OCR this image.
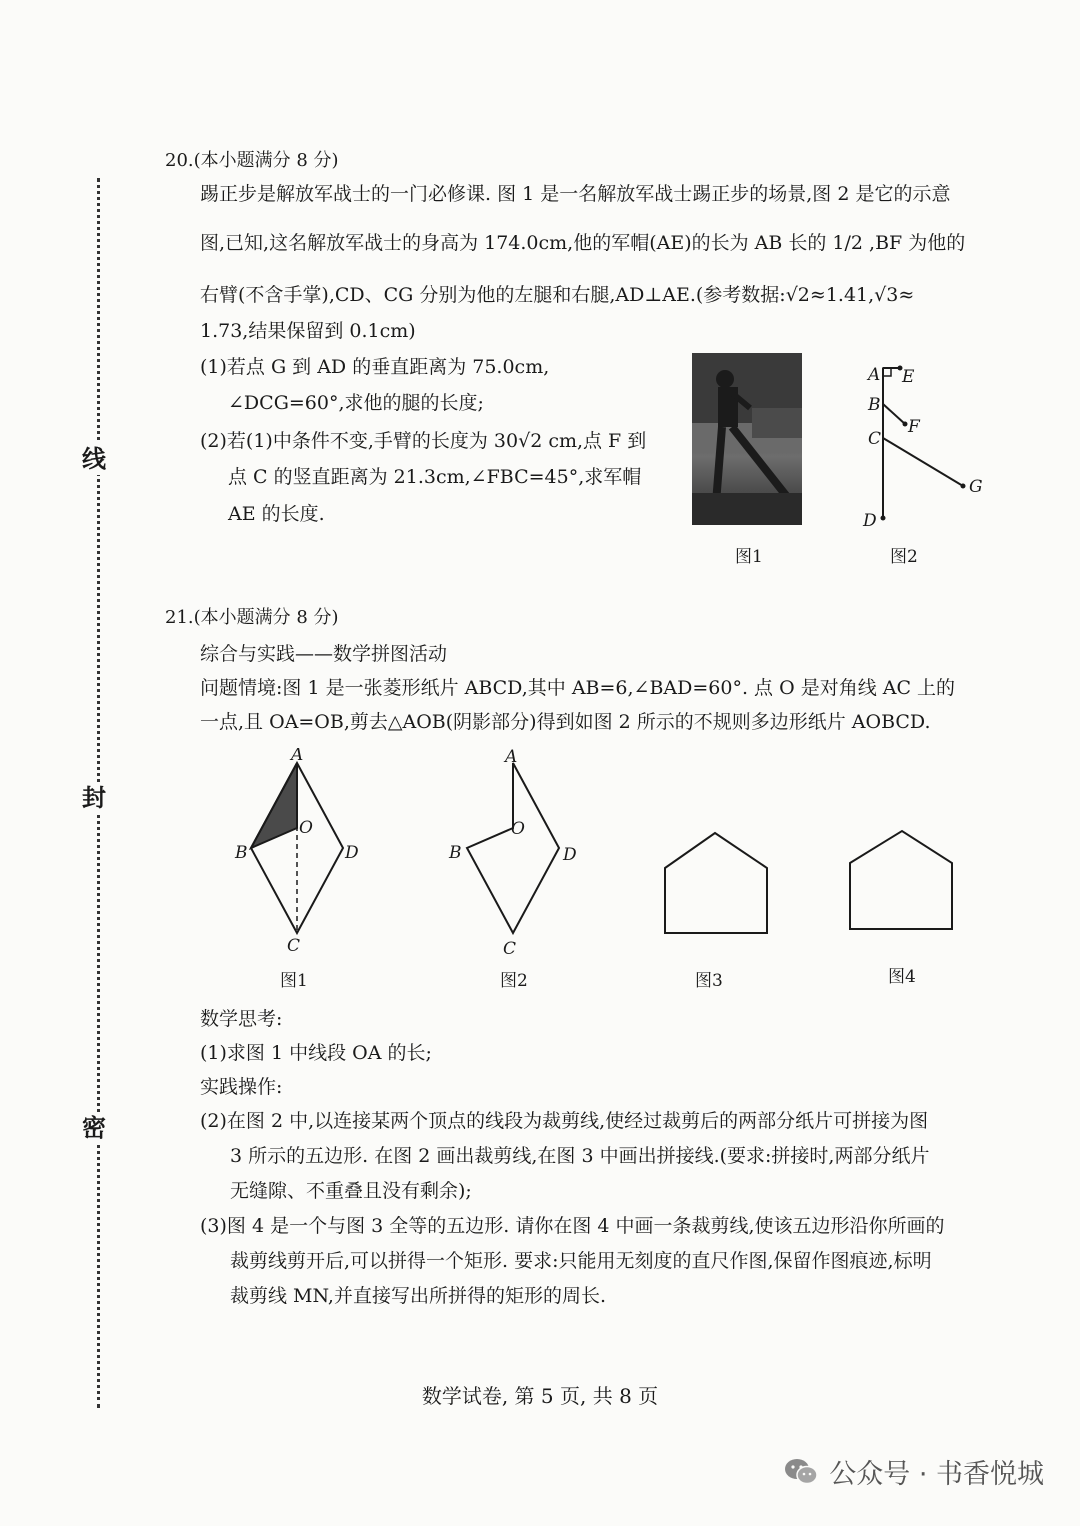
线
封
密
20.(本小题满分 8 分)
踢正步是解放军战士的一门必修课. 图 1 是一名解放军战士踢正步的场景,图 2 是它的示意
图,已知,这名解放军战士的身高为 174.0cm,他的军帽(AE)的长为 AB 长的 1/2 ,BF 为他的
右臂(不含手掌),CD、CG 分别为他的左腿和右腿,AD⊥AE.(参考数据:√2≈1.41,√3≈
1.73,结果保留到 0.1cm)
(1)若点 G 到 AD 的垂直距离为 75.0cm,
∠DCG=60°,求他的腿的长度;
(2)若(1)中条件不变,手臂的长度为 30√2 cm,点 F 到
点 C 的竖直距离为 21.3cm,∠FBC=45°,求军帽
AE 的长度.
图1
A E
B
F
C
G
D
图2
21.(本小题满分 8 分)
综合与实践——数学拼图活动
问题情境:图 1 是一张菱形纸片 ABCD,其中 AB=6,∠BAD=60°. 点 O 是对角线 AC 上的
一点,且 OA=OB,剪去△AOB(阴影部分)得到如图 2 所示的不规则多边形纸片 AOBCD.
A
O
B	D
C
图1
A
O
B	D
C
图2	图3	图4
数学思考:
(1)求图 1 中线段 OA 的长;
实践操作:
(2)在图 2 中,以连接某两个顶点的线段为裁剪线,使经过裁剪后的两部分纸片可拼接为图
3 所示的五边形. 在图 2 画出裁剪线,在图 3 中画出拼接线.(要求:拼接时,两部分纸片
无缝隙、不重叠且没有剩余);
(3)图 4 是一个与图 3 全等的五边形. 请你在图 4 中画一条裁剪线,使该五边形沿你所画的
裁剪线剪开后,可以拼得一个矩形. 要求:只能用无刻度的直尺作图,保留作图痕迹,标明
裁剪线 MN,并直接写出所拼得的矩形的周长.
数学试卷, 第 5 页, 共 8 页
公众号 · 书香悦城
